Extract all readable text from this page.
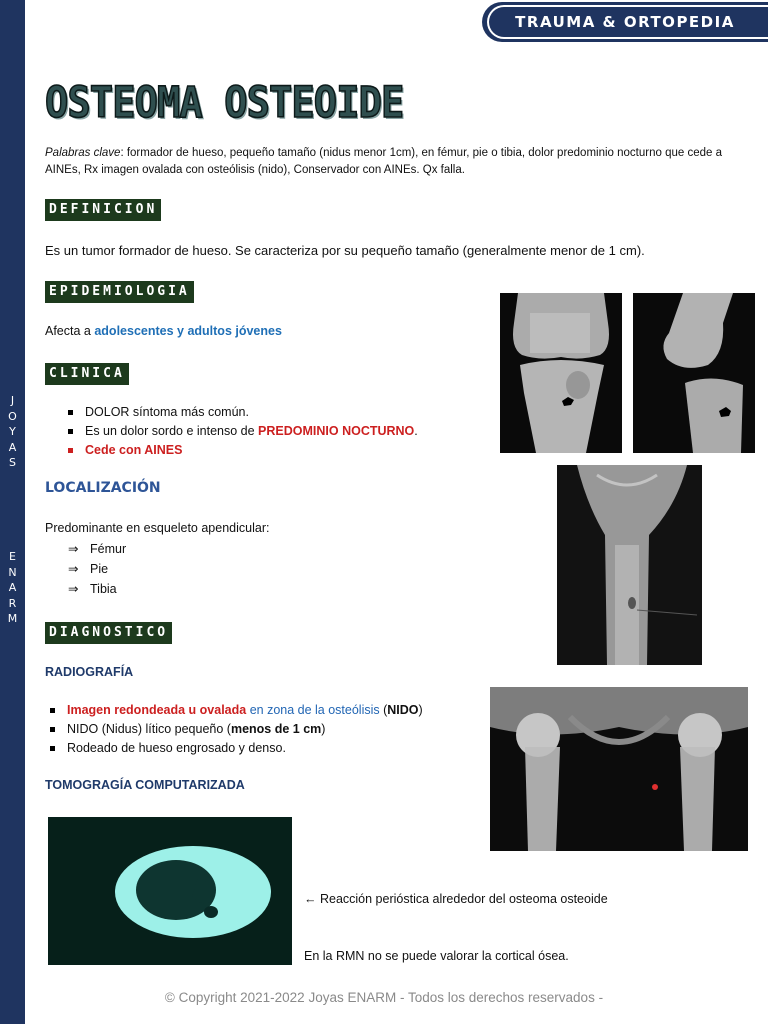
J
O
Y
A
S
E
N
A
R
M
TRAUMA & ORTOPEDIA
OSTEOMA OSTEOIDE
Palabras clave: formador de hueso, pequeño tamaño (nidus menor 1cm), en fémur, pie o tibia, dolor predominio nocturno que cede a AINEs, Rx imagen ovalada con osteólisis (nido), Conservador con AINEs. Qx falla.
DEFINICION
Es un tumor formador de hueso. Se caracteriza por su pequeño tamaño (generalmente menor de 1 cm).
EPIDEMIOLOGIA
Afecta a adolescentes y adultos jóvenes
CLINICA
DOLOR síntoma más común.
Es un dolor sordo e intenso de PREDOMINIO NOCTURNO.
Cede con AINES
LOCALIZACIÓN
Predominante en esqueleto apendicular:
⇒ Fémur
⇒ Pie
⇒ Tibia
DIAGNOSTICO
RADIOGRAFÍA
Imagen redondeada u ovalada en zona de la osteólisis (NIDO)
NIDO (Nidus) lítico pequeño (menos de 1 cm)
Rodeado de hueso engrosado y denso.
TOMOGRAGÍA COMPUTARIZADA
← Reacción perióstica alrededor del osteoma osteoide
En la RMN no se puede valorar la cortical ósea.
© Copyright 2021-2022 Joyas ENARM - Todos los derechos reservados -
